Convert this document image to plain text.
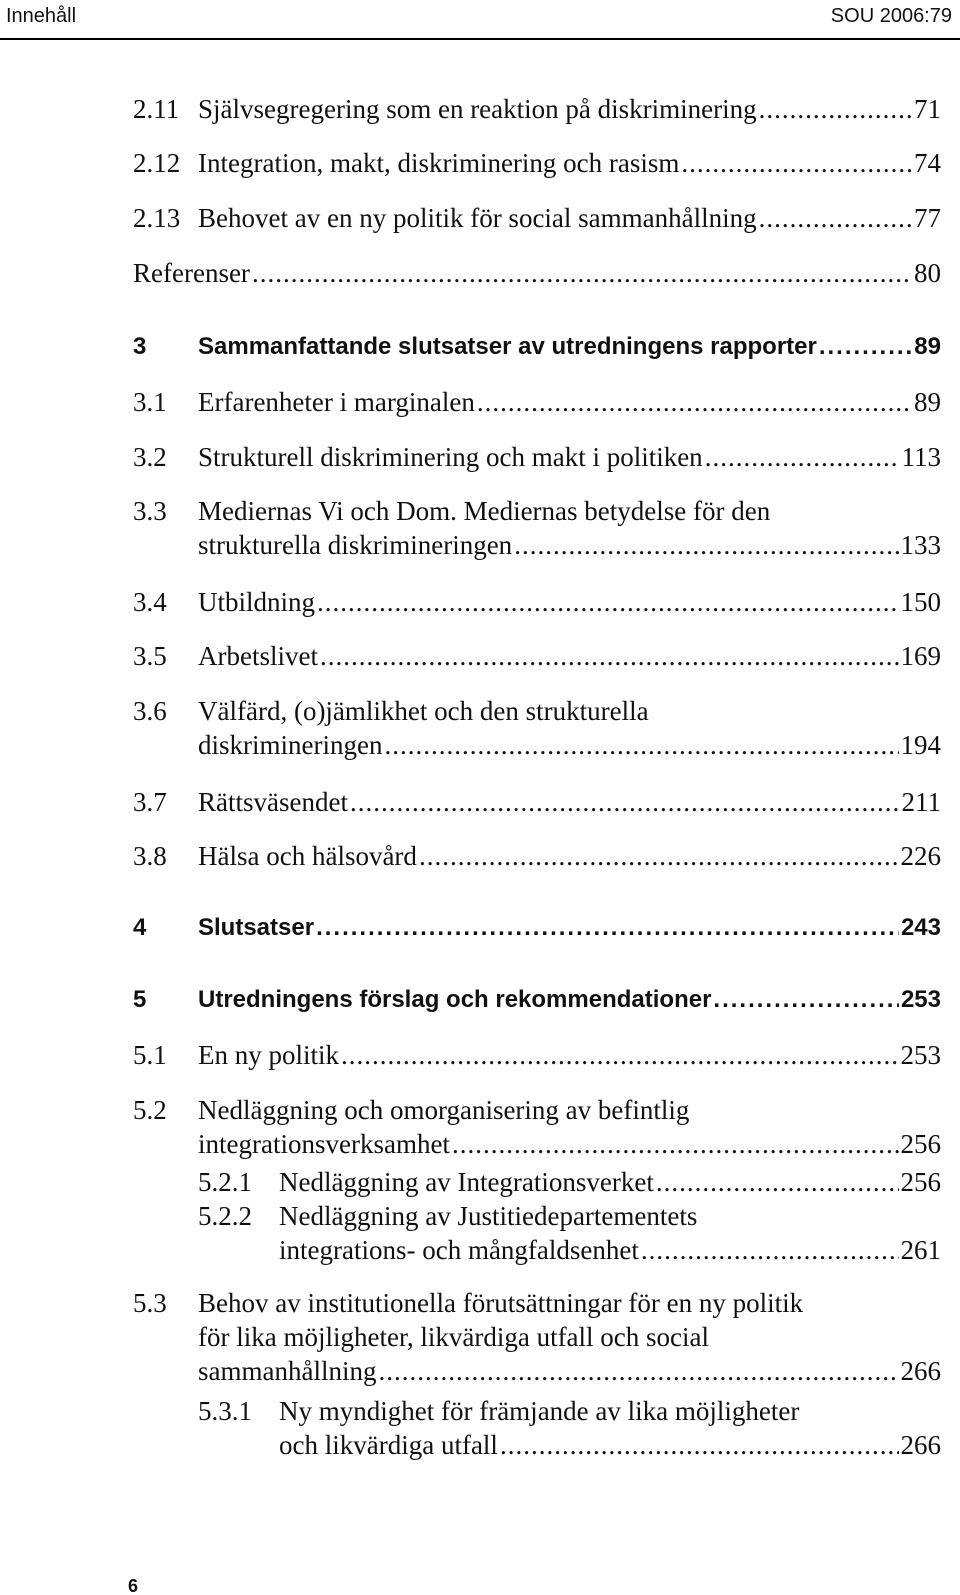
Innehåll	SOU 2006:79
2.11 Självsegregering som en reaktion på diskriminering .....	71
2.12 Integration, makt, diskriminering och rasism .....	74
2.13 Behovet av en ny politik för social sammanhållning .....	77
Referenser .....	80
3 Sammanfattande slutsatser av utredningens rapporter .....	89
3.1 Erfarenheter i marginalen .....	89
3.2 Strukturell diskriminering och makt i politiken .....	113
3.3 Mediernas Vi och Dom. Mediernas betydelse för den
strukturella diskrimineringen .....	133
3.4 Utbildning .....	150
3.5 Arbetslivet .....	169
3.6 Välfärd, (o)jämlikhet och den strukturella
diskrimineringen .....	194
3.7 Rättsväsendet .....	211
3.8 Hälsa och hälsovård .....	226
4 Slutsatser .....	243
5 Utredningens förslag och rekommendationer .....	253
5.1 En ny politik .....	253
5.2 Nedläggning och omorganisering av befintlig
integrationsverksamhet .....	256
5.2.1 Nedläggning av Integrationsverket .....	256
5.2.2 Nedläggning av Justitiedepartementets
integrations- och mångfaldsenhet .....	261
5.3 Behov av institutionella förutsättningar för en ny politik
för lika möjligheter, likvärdiga utfall och social
sammanhållning .....	266
5.3.1 Ny myndighet för främjande av lika möjligheter
och likvärdiga utfall .....	266
6
